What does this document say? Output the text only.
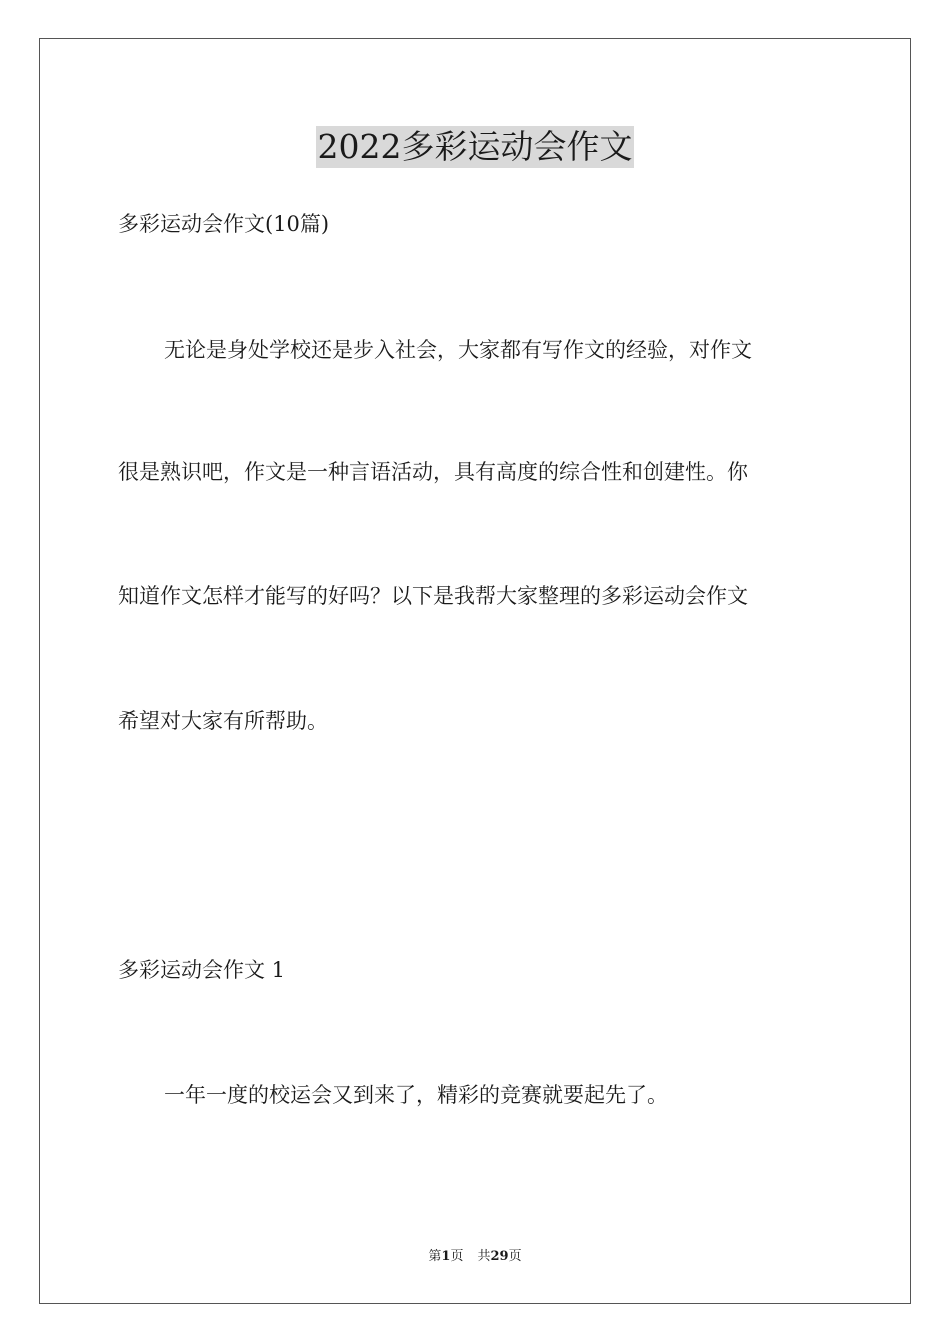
2022多彩运动会作文

多彩运动会作文(10篇)

无论是身处学校还是步入社会，大家都有写作文的经验，对作文

很是熟识吧，作文是一种言语活动，具有高度的综合性和创建性。你

知道作文怎样才能写的好吗？以下是我帮大家整理的多彩运动会作文

希望对大家有所帮助。

多彩运动会作文 1

一年一度的校运会又到来了，精彩的竞赛就要起先了。

第1页 共29页
